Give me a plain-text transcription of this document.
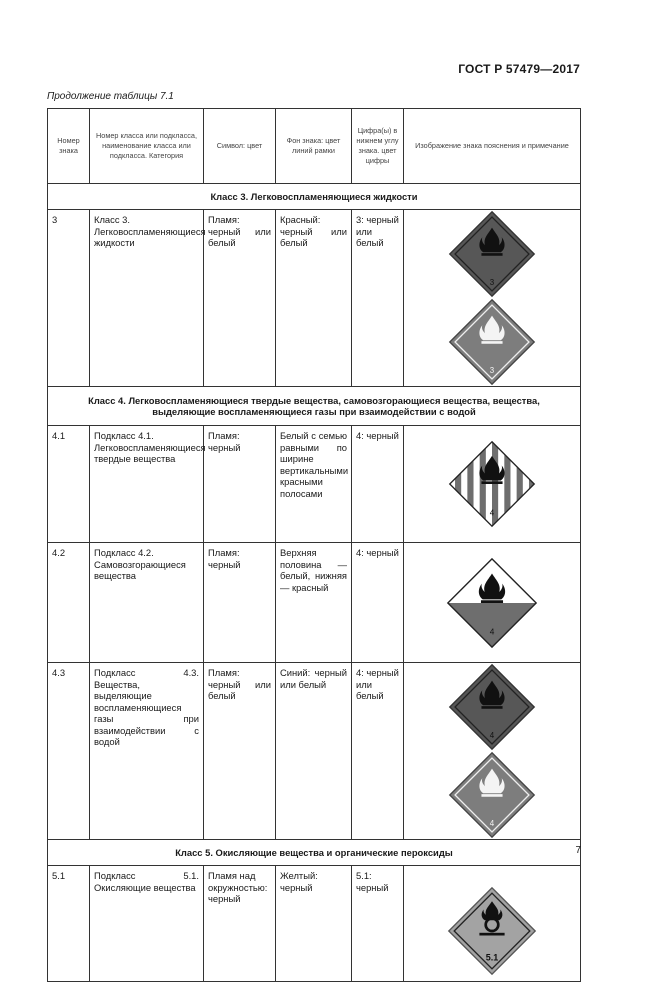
ГОСТ Р 57479—2017
Продолжение таблицы 7.1
Номер знака	Номер класса или подкласса, наименование класса или подкласса. Категория	Символ: цвет	Фон знака: цвет линий рамки	Цифра(ы) в нижнем углу знака. цвет цифры	Изображение знака пояснения и примечание
Класс 3. Легковоспламеняющиеся жидкости					
3	Класс 3. Легковоспламеняющиеся жидкости	Пламя: черный или белый	Красный: черный или белый	3: черный или белый	3

3

Класс 4. Легковоспламеняющиеся твердые вещества, самовозгорающиеся вещества, вещества, выделяющие воспламеняющиеся газы при взаимодействии с водой					
4.1	Подкласс 4.1. Легковоспламеняющиеся твердые вещества	Пламя: черный	Белый с семью равными по ширине вертикальными красными полосами	4: черный	4

4.2	Подкласс 4.2. Самовозгорающиеся вещества	Пламя: черный	Верхняя половина — белый, нижняя — красный	4: черный	4

4.3	Подкласс 4.3. Вещества, выделяющие воспламеняющиеся газы при взаимодействии с водой	Пламя: черный или белый	Синий: черный или белый	4: черный или белый	4

4

Класс 5. Окисляющие вещества и органические пероксиды					
5.1	Подкласс 5.1. Окисляющие вещества	Пламя над окружностью: черный	Желтый: черный	5.1: черный	5.1
7
